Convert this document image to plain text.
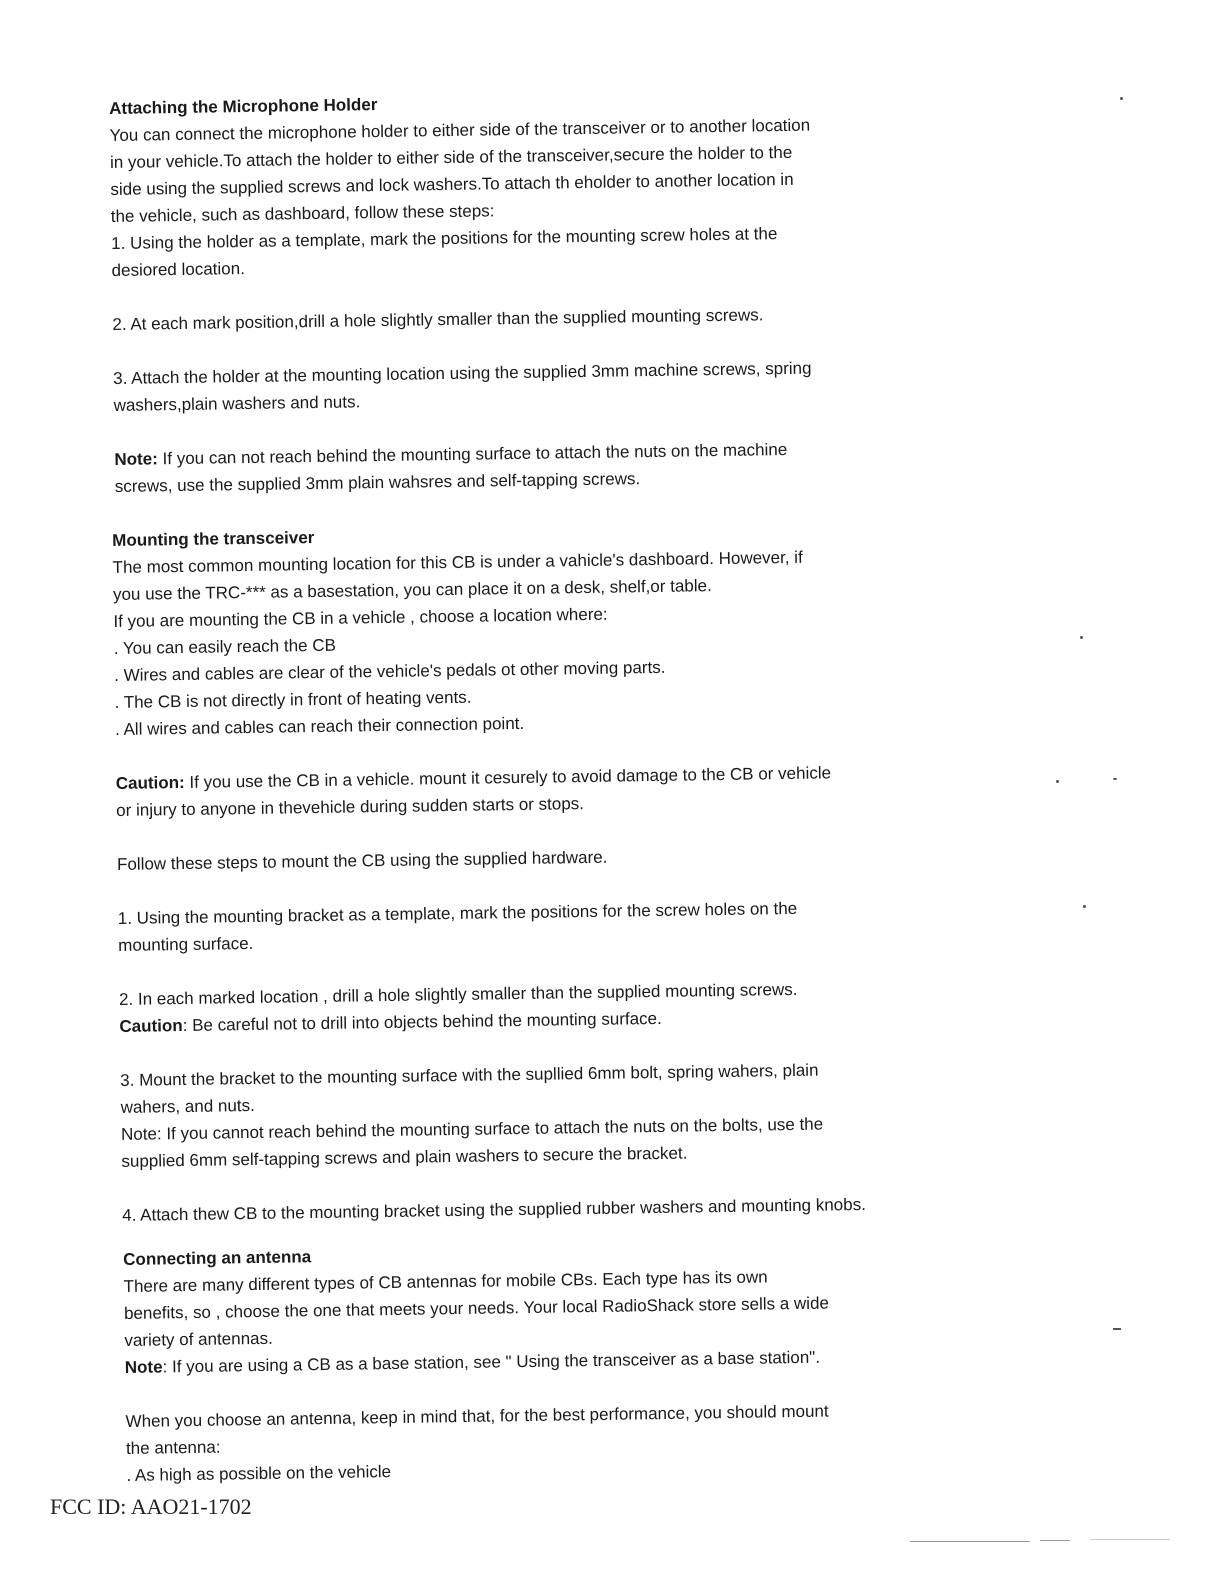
Attaching the Microphone Holder
You can connect the microphone holder to either side of the transceiver or to another location
in your vehicle.To attach the holder to either side of the transceiver,secure the holder to the
side using the supplied screws and lock washers.To attach th eholder to another location in
the vehicle, such as dashboard, follow these steps:
1. Using the holder as a template, mark the positions for the mounting screw holes at the
desiored location.
2. At each mark position,drill a hole slightly smaller than the supplied mounting screws.
3. Attach the holder at the mounting location using the supplied 3mm machine screws, spring
washers,plain washers and nuts.
Note: If you can not reach behind the mounting surface to attach the nuts on the machine
screws, use the supplied 3mm plain wahsres and self-tapping screws.
Mounting the transceiver
The most common mounting location for this CB is under a vahicle's dashboard. However, if
you use the TRC-*** as a basestation, you can place it on a desk, shelf,or table.
If you are mounting the CB in a vehicle , choose a location where:
. You can easily reach the CB
. Wires and cables are clear of the vehicle's pedals ot other moving parts.
. The CB is not directly in front of heating vents.
. All wires and cables can reach their connection point.
Caution: If you use the CB in a vehicle. mount it cesurely to avoid damage to the CB or vehicle
or injury to anyone in thevehicle during sudden starts or stops.
Follow these steps to mount the CB using the supplied hardware.
1. Using the mounting bracket as a template, mark the positions for the screw holes on the
mounting surface.
2. In each marked location , drill a hole slightly smaller than the supplied mounting screws.
Caution: Be careful not to drill into objects behind the mounting surface.
3. Mount the bracket to the mounting surface with the supllied 6mm bolt, spring wahers, plain
wahers, and nuts.
Note: If you cannot reach behind the mounting surface to attach the nuts on the bolts, use the
supplied 6mm self-tapping screws and plain washers to secure the bracket.
4. Attach thew CB to the mounting bracket using the supplied rubber washers and mounting knobs.
Connecting an antenna
There are many different types of CB antennas for mobile CBs. Each type has its own
benefits, so , choose the one that meets your needs. Your local RadioShack store sells a wide
variety of antennas.
Note: If you are using a CB as a base station, see " Using the transceiver as a base station".
When you choose an antenna, keep in mind that, for the best performance, you should mount
the antenna:
. As high as possible on the vehicle
FCC ID: AAO21-1702
